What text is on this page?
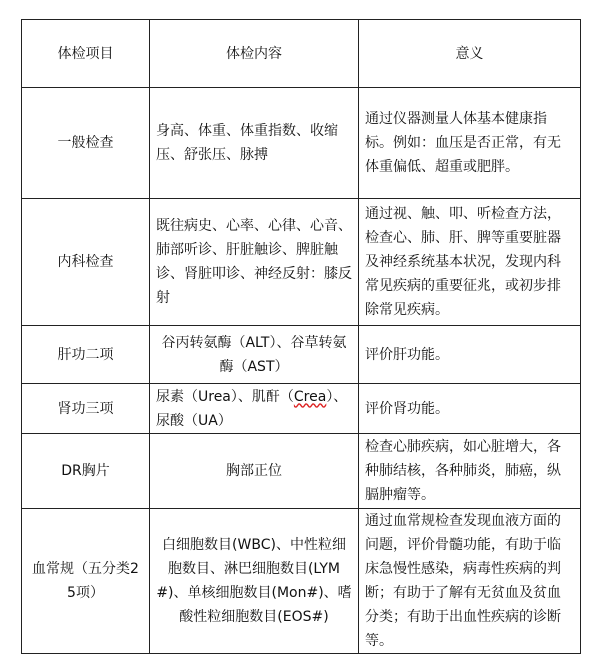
体检项目	体检内容	意义
一般检查	身高、体重、体重指数、收缩压、舒张压、脉搏	通过仪器测量人体基本健康指标。例如：血压是否正常，有无体重偏低、超重或肥胖。
内科检查	既往病史、心率、心律、心音、肺部听诊、肝脏触诊、脾脏触诊、肾脏叩诊、神经反射：膝反射	通过视、触、叩、听检查方法，检查心、肺、肝、脾等重要脏器及神经系统基本状况，发现内科常见疾病的重要征兆，或初步排除常见疾病。
肝功二项	谷丙转氨酶（ALT）、谷草转氨酶（AST）	评价肝功能。
肾功三项	尿素（Urea）、肌酐（Crea）、尿酸（UA）	评价肾功能。
DR胸片	胸部正位	检查心肺疾病，如心脏增大，各种肺结核，各种肺炎，肺癌，纵膈肿瘤等。
血常规（五分类25项）	白细胞数目(WBC)、中性粒细胞数目、淋巴细胞数目(LYM#)、单核细胞数目(Mon#)、嗜酸性粒细胞数目(EOS#)	通过血常规检查发现血液方面的问题，评价骨髓功能，有助于临床急慢性感染，病毒性疾病的判断；有助于了解有无贫血及贫血分类；有助于出血性疾病的诊断等。
